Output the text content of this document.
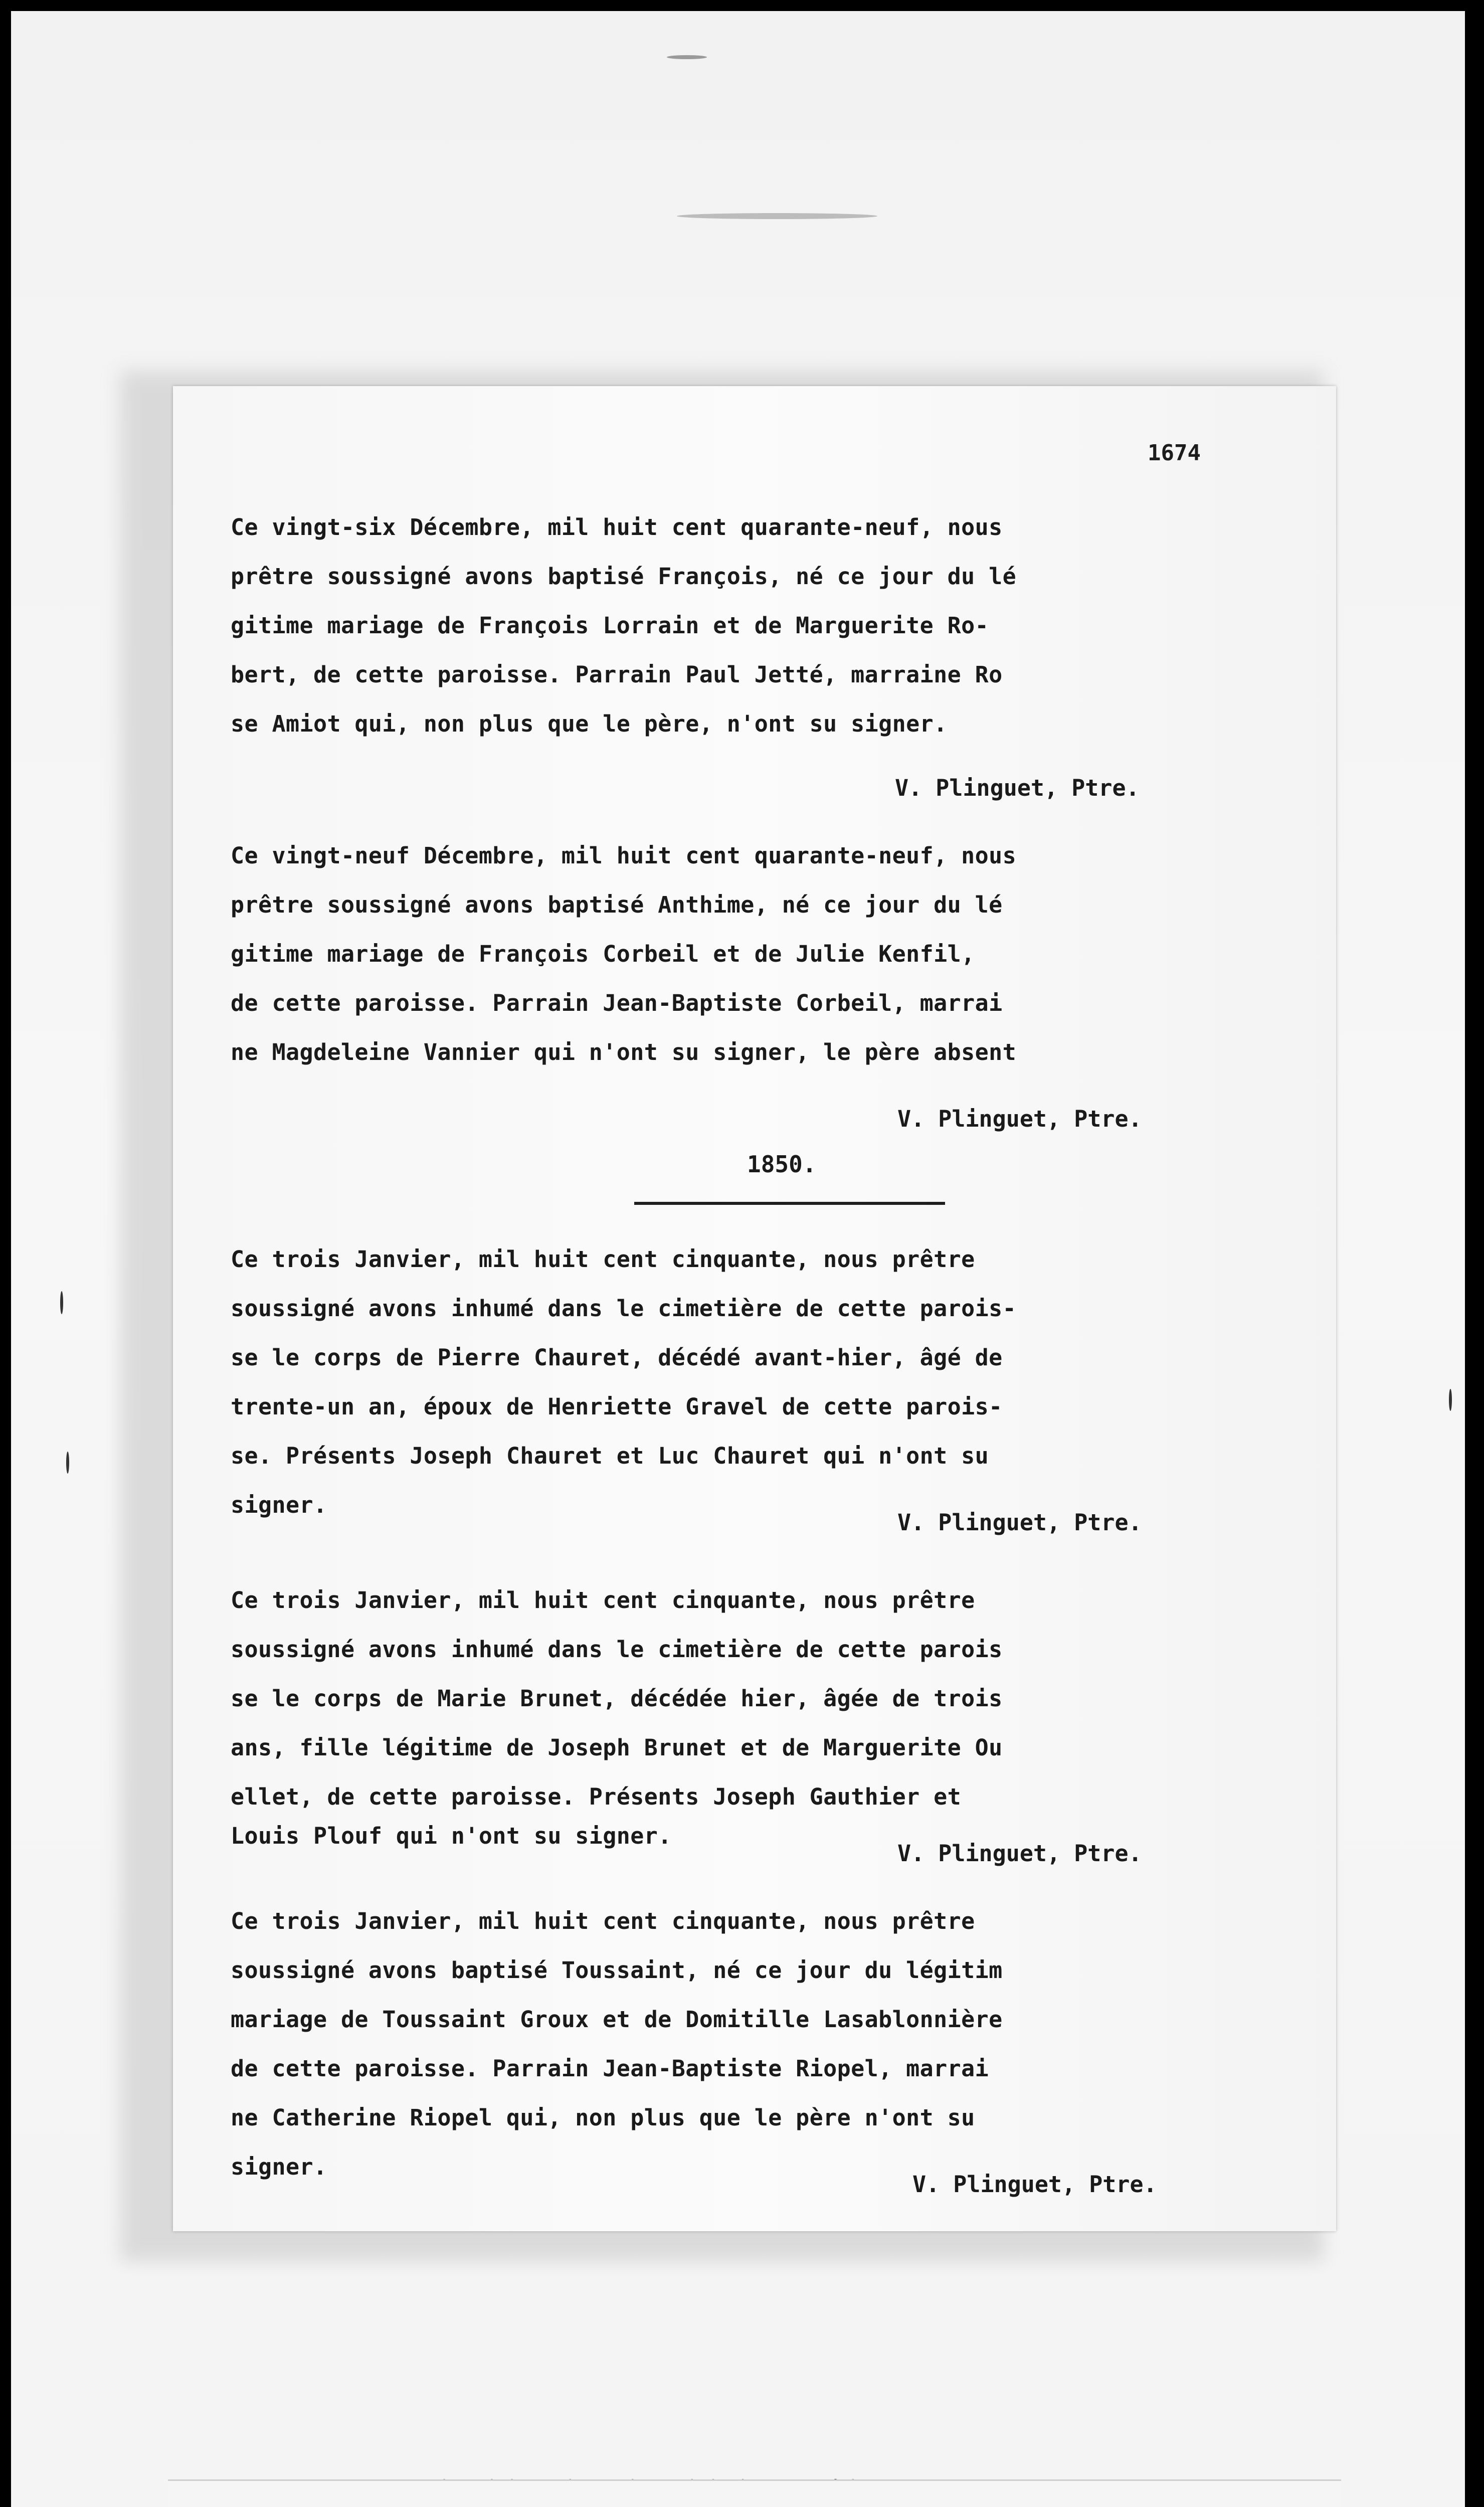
1674

Ce vingt-six Décembre, mil huit cent quarante-neuf, nous

prêtre soussigné avons baptisé François, né ce jour du lé

gitime mariage de François Lorrain et de Marguerite Ro-

bert, de cette paroisse. Parrain Paul Jetté, marraine Ro

se Amiot qui, non plus que le père, n'ont su signer.

V. Plinguet, Ptre.

Ce vingt-neuf Décembre, mil huit cent quarante-neuf, nous

prêtre soussigné avons baptisé Anthime, né ce jour du lé

gitime mariage de François Corbeil et de Julie Kenfil,

de cette paroisse. Parrain Jean-Baptiste Corbeil, marrai

ne Magdeleine Vannier qui n'ont su signer, le père absent

V. Plinguet, Ptre.
1850.

Ce trois Janvier, mil huit cent cinquante, nous prêtre

soussigné avons inhumé dans le cimetière de cette parois-

se le corps de Pierre Chauret, décédé avant-hier, âgé de

trente-un an, époux de Henriette Gravel de cette parois-

se. Présents Joseph Chauret et Luc Chauret qui n'ont su

signer.

V. Plinguet, Ptre.

Ce trois Janvier, mil huit cent cinquante, nous prêtre

soussigné avons inhumé dans le cimetière de cette parois

se le corps de Marie Brunet, décédée hier, âgée de trois

ans, fille légitime de Joseph Brunet et de Marguerite Ou

ellet, de cette paroisse. Présents Joseph Gauthier et

Louis Plouf qui n'ont su signer.

V. Plinguet, Ptre.

Ce trois Janvier, mil huit cent cinquante, nous prêtre

soussigné avons baptisé Toussaint, né ce jour du légitim

mariage de Toussaint Groux et de Domitille Lasablonnière

de cette paroisse. Parrain Jean-Baptiste Riopel, marrai

ne Catherine Riopel qui, non plus que le père n'ont su

signer.

V. Plinguet, Ptre.
